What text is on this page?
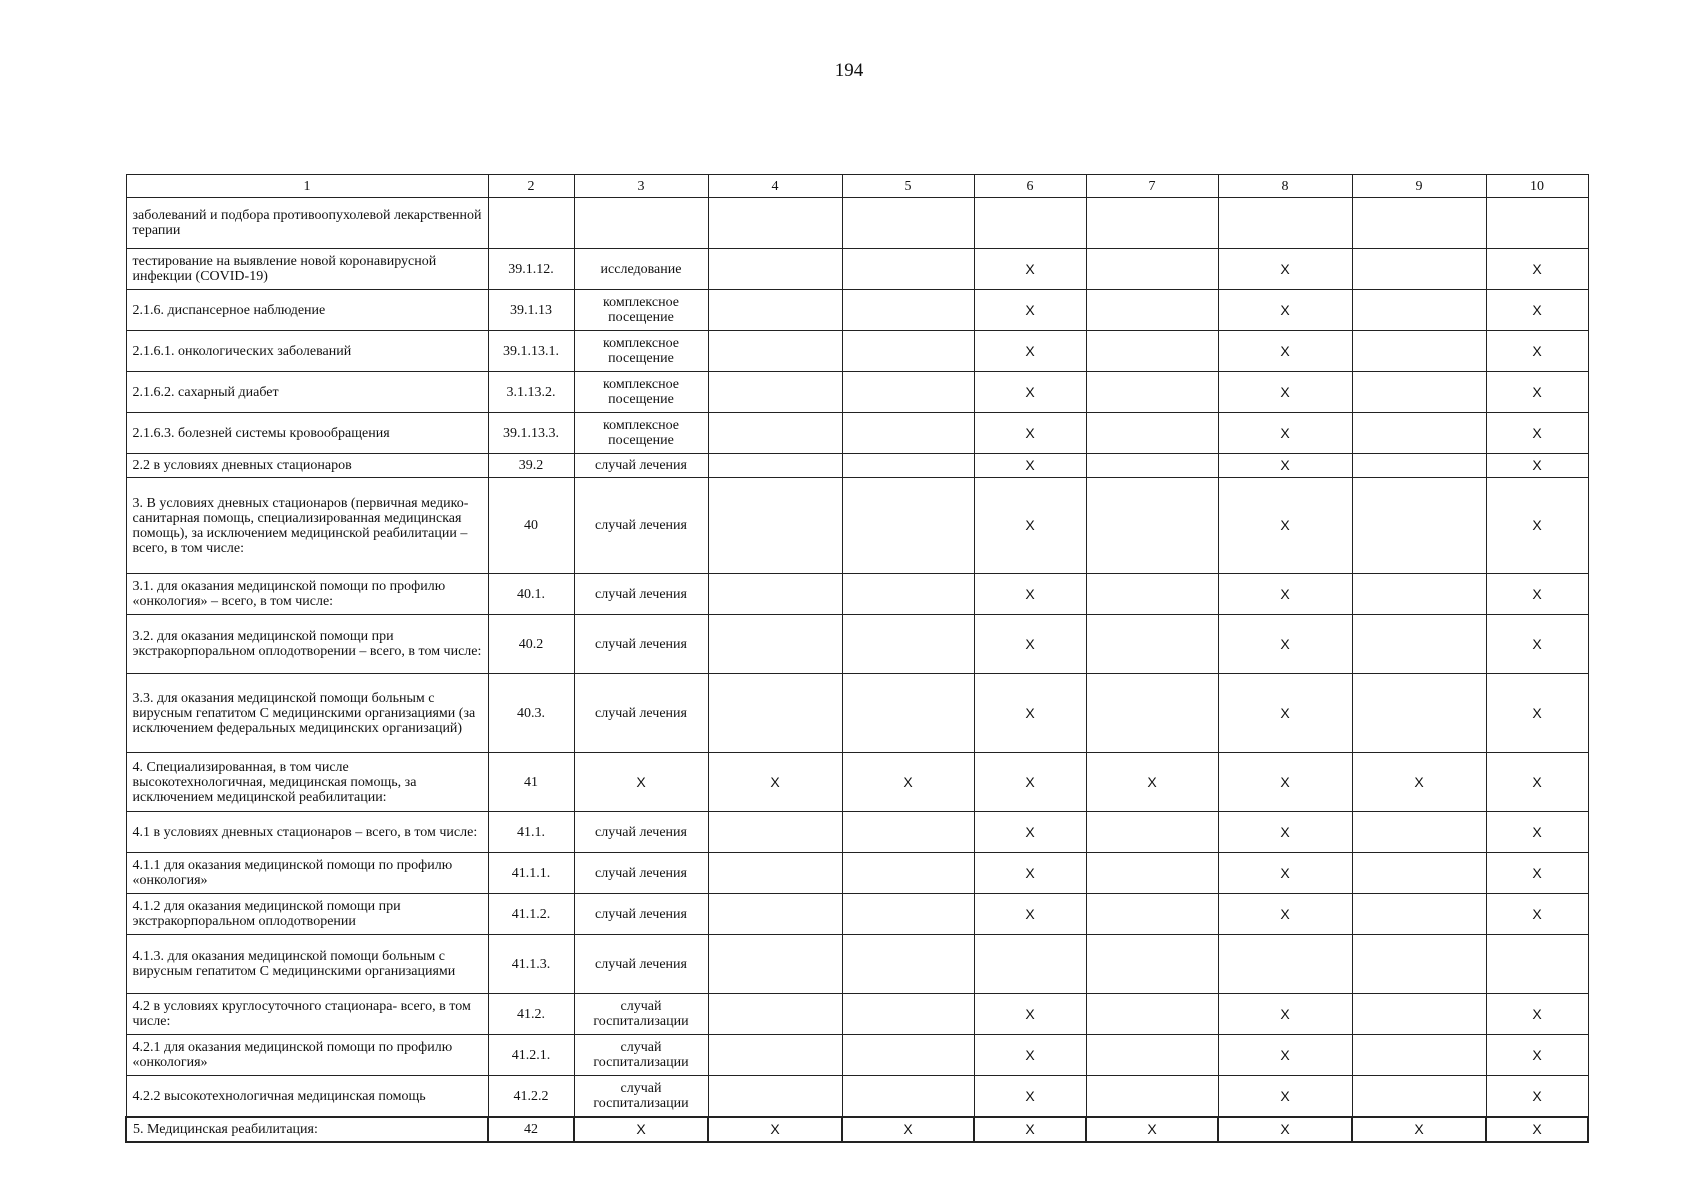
194
1	2	3	4	5	6	7	8	9	10
заболеваний и подбора противоопухолевой лекарственной терапии									
тестирование на выявление новой коронавирусной инфекции (COVID-19)	39.1.12.	исследование			X		X		X
2.1.6. диспансерное наблюдение	39.1.13	комплексное посещение			X		X		X
2.1.6.1. онкологических заболеваний	39.1.13.1.	комплексное посещение			X		X		X
2.1.6.2. сахарный диабет	3.1.13.2.	комплексное посещение			X		X		X
2.1.6.3. болезней системы кровообращения	39.1.13.3.	комплексное посещение			X		X		X
2.2 в условиях дневных стационаров	39.2	случай лечения			X		X		X
3. В условиях дневных стационаров (первичная медико-санитарная помощь, специализированная медицинская помощь), за исключением медицинской реабилитации – всего, в том числе:	40	случай лечения			X		X		X
3.1. для оказания медицинской помощи по профилю «онкология» – всего, в том числе:	40.1.	случай лечения			X		X		X
3.2. для оказания медицинской помощи при экстракорпоральном оплодотворении – всего, в том числе:	40.2	случай лечения			X		X		X
3.3. для оказания медицинской помощи больным с вирусным гепатитом С медицинскими организациями (за исключением федеральных медицинских организаций)	40.3.	случай лечения			X		X		X
4. Специализированная, в том числе высокотехнологичная, медицинская помощь, за исключением медицинской реабилитации:	41	X	X	X	X	X	X	X	X
4.1 в условиях дневных стационаров – всего, в том числе:	41.1.	случай лечения			X		X		X
4.1.1 для оказания медицинской помощи по профилю «онкология»	41.1.1.	случай лечения			X		X		X
4.1.2 для оказания медицинской помощи при экстракорпоральном оплодотворении	41.1.2.	случай лечения			X		X		X
4.1.3. для оказания медицинской помощи больным с вирусным гепатитом С медицинскими организациями	41.1.3.	случай лечения							
4.2 в условиях круглосуточного стационара- всего, в том числе:	41.2.	случай госпитализации			X		X		X
4.2.1 для оказания медицинской помощи по профилю «онкология»	41.2.1.	случай госпитализации			X		X		X
4.2.2 высокотехнологичная медицинская помощь	41.2.2	случай госпитализации			X		X		X
5. Медицинская реабилитация:	42	X	X	X	X	X	X	X	X
